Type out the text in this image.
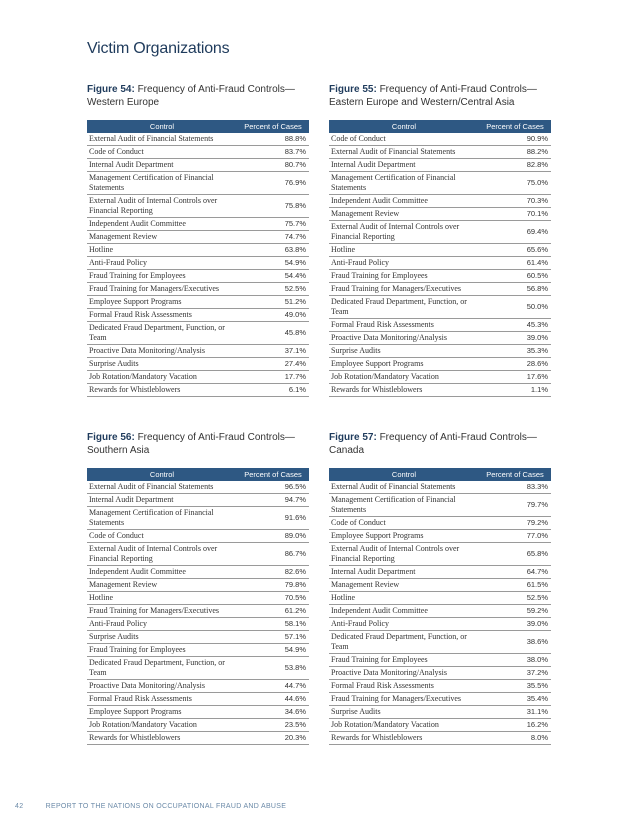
Victim Organizations
Figure 54: Frequency of Anti-Fraud Controls—Western Europe
Control	Percent of Cases
External Audit of Financial Statements	88.8%
Code of Conduct	83.7%
Internal Audit Department	80.7%
Management Certification of Financial Statements	76.9%
External Audit of Internal Controls over Financial Reporting	75.8%
Independent Audit Committee	75.7%
Management Review	74.7%
Hotline	63.8%
Anti-Fraud Policy	54.9%
Fraud Training for Employees	54.4%
Fraud Training for Managers/Executives	52.5%
Employee Support Programs	51.2%
Formal Fraud Risk Assessments	49.0%
Dedicated Fraud Department, Function, or Team	45.8%
Proactive Data Monitoring/Analysis	37.1%
Surprise Audits	27.4%
Job Rotation/Mandatory Vacation	17.7%
Rewards for Whistleblowers	6.1%
Figure 55: Frequency of Anti-Fraud Controls—Eastern Europe and Western/Central Asia
Control	Percent of Cases
Code of Conduct	90.9%
External Audit of Financial Statements	88.2%
Internal Audit Department	82.8%
Management Certification of Financial Statements	75.0%
Independent Audit Committee	70.3%
Management Review	70.1%
External Audit of Internal Controls over Financial Reporting	69.4%
Hotline	65.6%
Anti-Fraud Policy	61.4%
Fraud Training for Employees	60.5%
Fraud Training for Managers/Executives	56.8%
Dedicated Fraud Department, Function, or Team	50.0%
Formal Fraud Risk Assessments	45.3%
Proactive Data Monitoring/Analysis	39.0%
Surprise Audits	35.3%
Employee Support Programs	28.6%
Job Rotation/Mandatory Vacation	17.6%
Rewards for Whistleblowers	1.1%
Figure 56: Frequency of Anti-Fraud Controls—Southern Asia
Control	Percent of Cases
External Audit of Financial Statements	96.5%
Internal Audit Department	94.7%
Management Certification of Financial Statements	91.6%
Code of Conduct	89.0%
External Audit of Internal Controls over Financial Reporting	86.7%
Independent Audit Committee	82.6%
Management Review	79.8%
Hotline	70.5%
Fraud Training for Managers/Executives	61.2%
Anti-Fraud Policy	58.1%
Surprise Audits	57.1%
Fraud Training for Employees	54.9%
Dedicated Fraud Department, Function, or Team	53.8%
Proactive Data Monitoring/Analysis	44.7%
Formal Fraud Risk Assessments	44.6%
Employee Support Programs	34.6%
Job Rotation/Mandatory Vacation	23.5%
Rewards for Whistleblowers	20.3%
Figure 57: Frequency of Anti-Fraud Controls—Canada
Control	Percent of Cases
External Audit of Financial Statements	83.3%
Management Certification of Financial Statements	79.7%
Code of Conduct	79.2%
Employee Support Programs	77.0%
External Audit of Internal Controls over Financial Reporting	65.8%
Internal Audit Department	64.7%
Management Review	61.5%
Hotline	52.5%
Independent Audit Committee	59.2%
Anti-Fraud Policy	39.0%
Dedicated Fraud Department, Function, or Team	38.6%
Fraud Training for Employees	38.0%
Proactive Data Monitoring/Analysis	37.2%
Formal Fraud Risk Assessments	35.5%
Fraud Training for Managers/Executives	35.4%
Surprise Audits	31.1%
Job Rotation/Mandatory Vacation	16.2%
Rewards for Whistleblowers	8.0%
42	REPORT TO THE NATIONS ON OCCUPATIONAL FRAUD AND ABUSE
